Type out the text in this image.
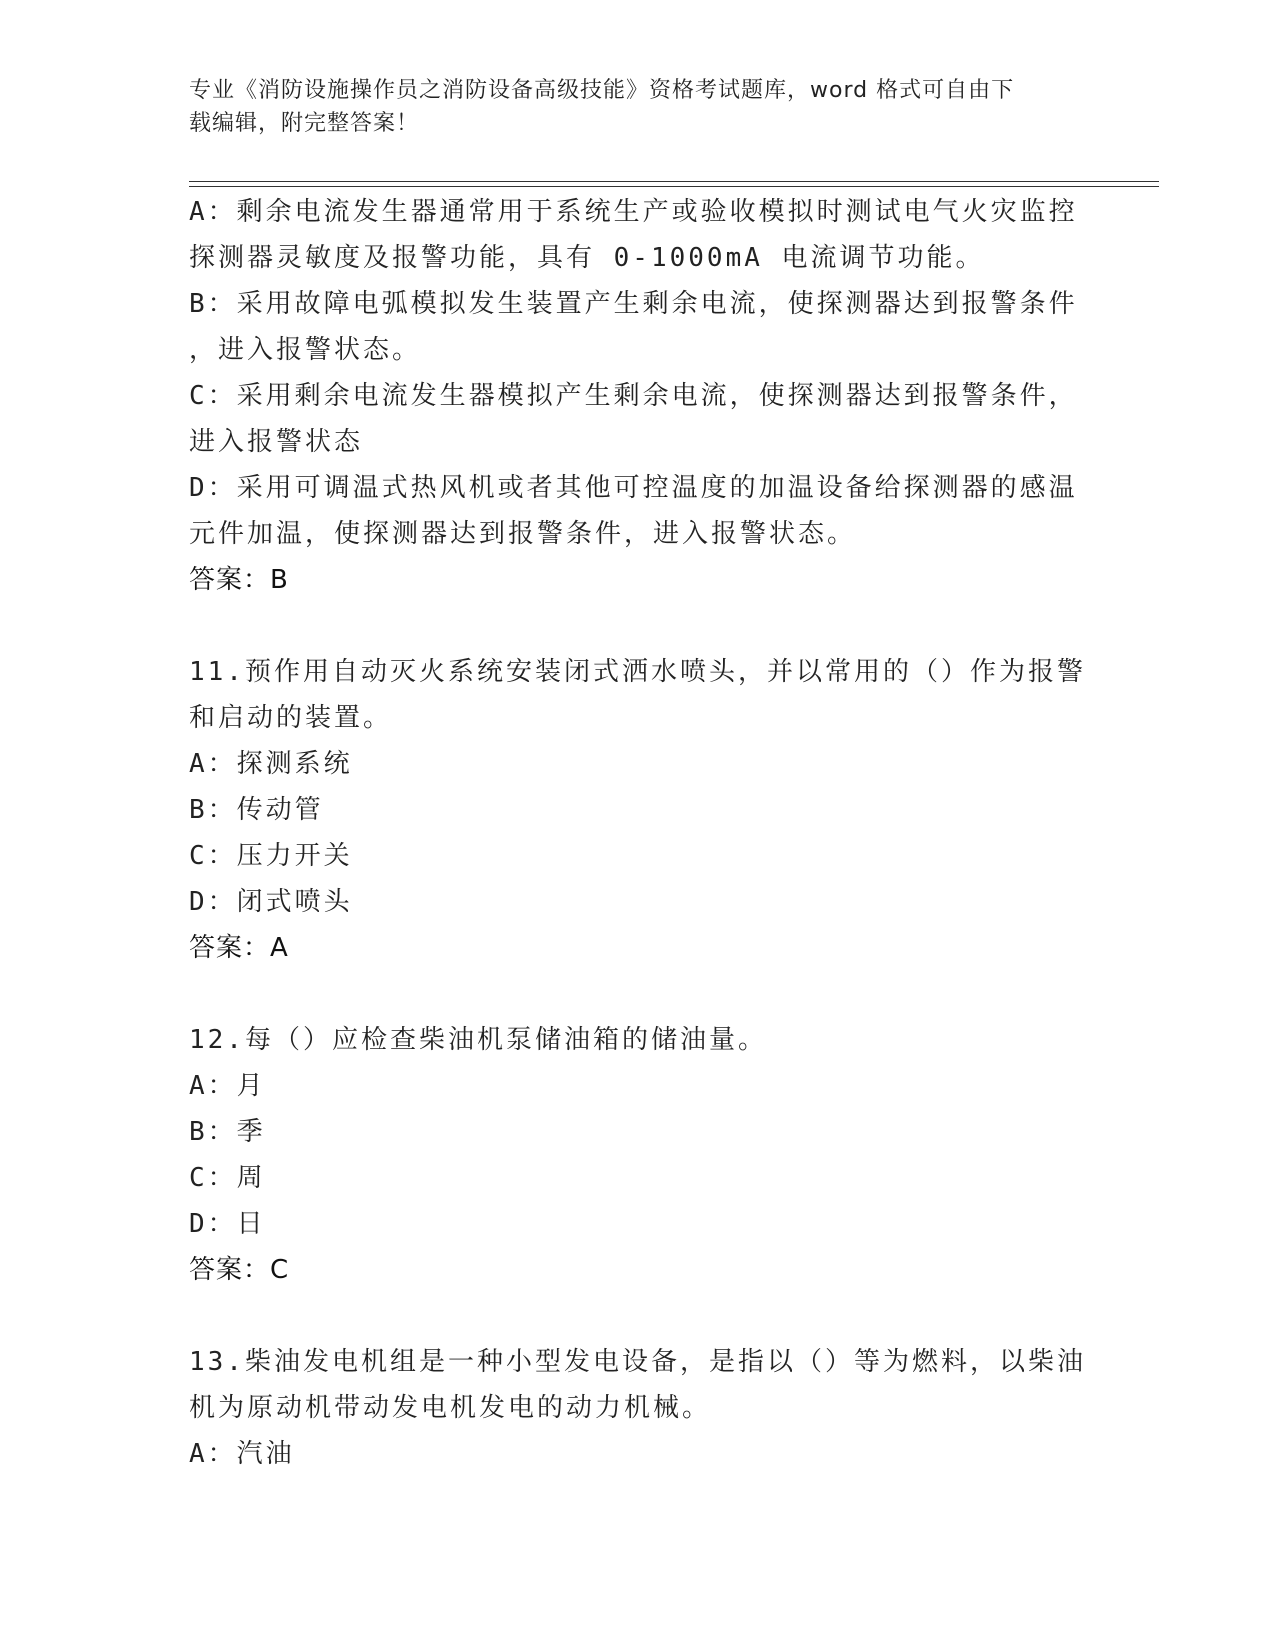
专业《消防设施操作员之消防设备高级技能》资格考试题库，word 格式可自由下
载编辑，附完整答案！
A：剩余电流发生器通常用于系统生产或验收模拟时测试电气火灾监控
探测器灵敏度及报警功能，具有 0-1000mA 电流调节功能。
B：采用故障电弧模拟发生装置产生剩余电流，使探测器达到报警条件
，进入报警状态。
C：采用剩余电流发生器模拟产生剩余电流，使探测器达到报警条件，
进入报警状态
D：采用可调温式热风机或者其他可控温度的加温设备给探测器的感温
元件加温，使探测器达到报警条件，进入报警状态。
答案：B
11.预作用自动灭火系统安装闭式洒水喷头，并以常用的（）作为报警
和启动的装置。
A：探测系统
B：传动管
C：压力开关
D：闭式喷头
答案：A
12.每（）应检查柴油机泵储油箱的储油量。
A：月
B：季
C：周
D：日
答案：C
13.柴油发电机组是一种小型发电设备，是指以（）等为燃料，以柴油
机为原动机带动发电机发电的动力机械。
A：汽油
